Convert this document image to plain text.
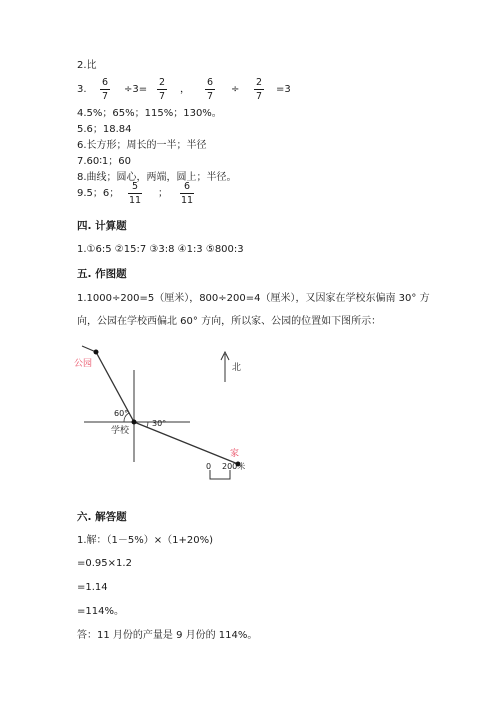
2.比
3.
6
7
÷3=
2
7
，
6
7
÷
2
7
=3
4.5%；65%；115%；130%。
5.6；18.84
6.长方形；周长的一半；半径
7.60∶1；60
8.曲线；圆心，两端，圆上；半径。
9.5；6；
5
11
；
6
11
四. 计算题
1.①6:5 ②15:7 ③3:8 ④1:3 ⑤800:3
五. 作图题
1.1000÷200=5（厘米），800÷200=4（厘米），又因家在学校东偏南 30° 方
向，公园在学校西偏北 60° 方向，所以家、公园的位置如下图所示：
公园
60°
30°
学校
家
北
0 200米
六. 解答题
1.解：（1－5%）×（1+20%)
=0.95×1.2
=1.14
=114%。
答：11 月份的产量是 9 月份的 114%。
